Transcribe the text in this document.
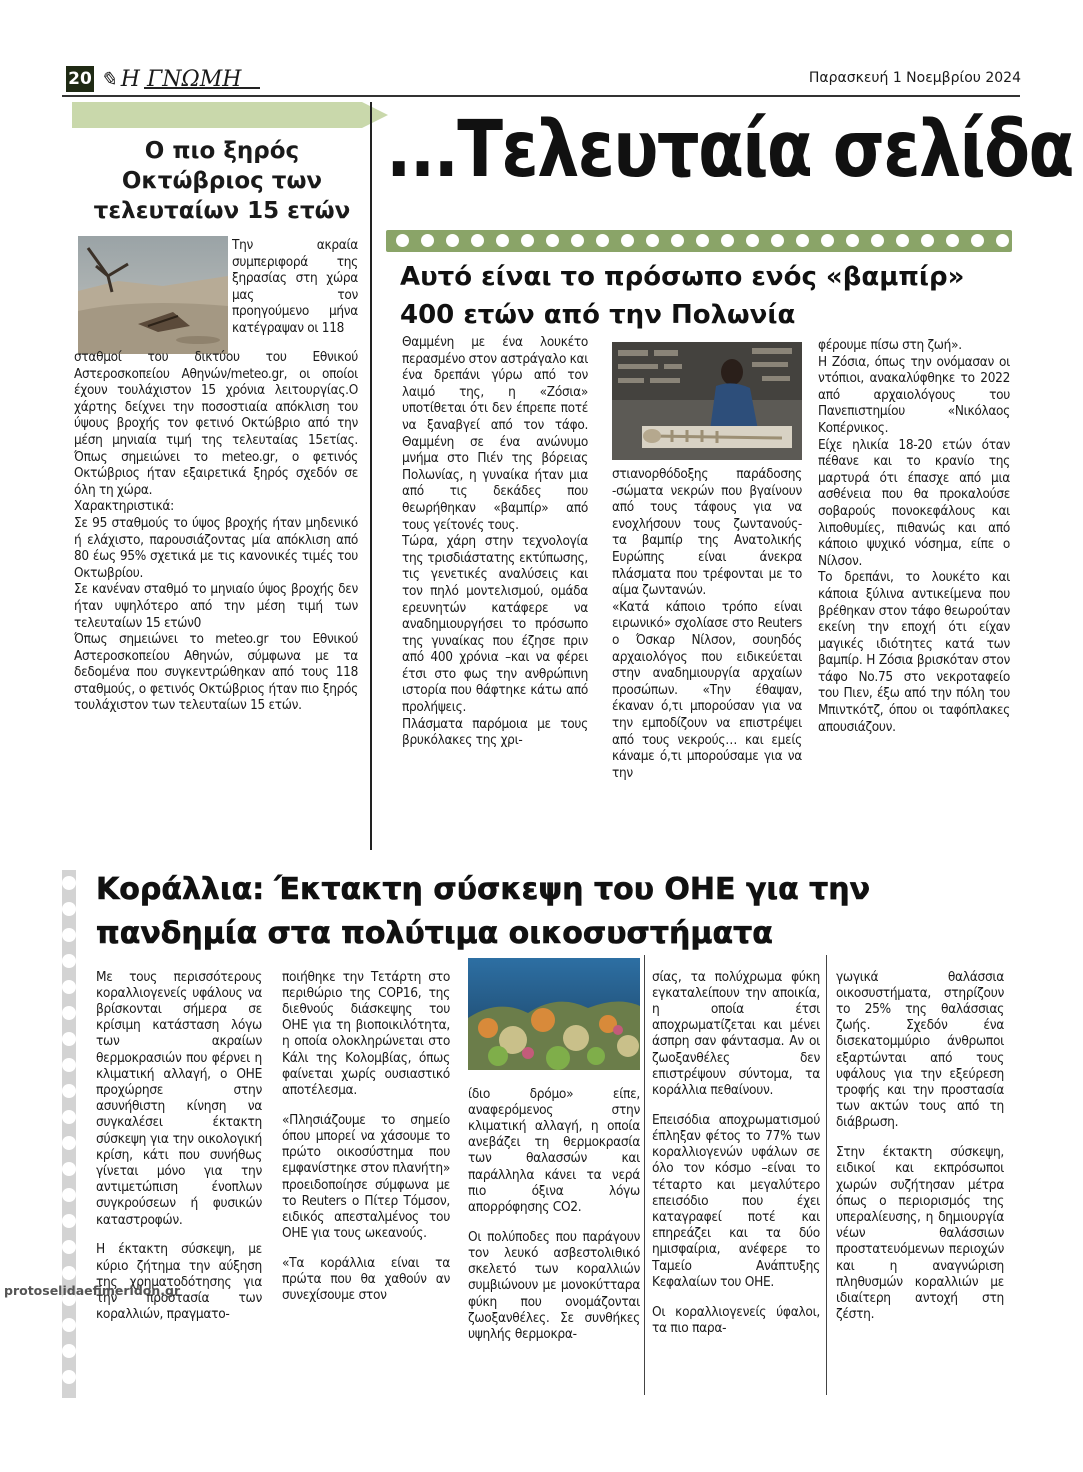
20 ✎ Η ΓΝΩΜΗ	Παρασκευή 1 Νοεμβρίου 2024
Ο πιο ξηρός Οκτώβριος των τελευταίων 15 ετών
Την ακραία συμπεριφορά της ξηρασίας στη χώρα μας τον προηγούμενο μήνα κατέγραψαν οι 118

σταθμοί του δικτύου του Εθνικού Αστεροσκοπείου Αθηνών/meteo.gr, οι οποίοι έχουν τουλάχιστον 15 χρόνια λειτουργίας.Ο χάρτης δείχνει την ποσοστιαία απόκλιση του ύψους βροχής τον φετινό Οκτώβριο από την μέση μηνιαία τιμή της τελευταίας 15ετίας. Όπως σημειώνει το meteo.gr, ο φετινός Οκτώβριος ήταν εξαιρετικά ξηρός σχεδόν σε όλη τη χώρα.

Χαρακτηριστικά:

Σε 95 σταθμούς το ύψος βροχής ήταν μηδενικό ή ελάχιστο, παρουσιάζοντας μία απόκλιση από 80 έως 95% σχετικά με τις κανονικές τιμές του Οκτωβρίου.

Σε κανέναν σταθμό το μηνιαίο ύψος βροχής δεν ήταν υψηλότερο από την μέση τιμή των τελευταίων 15 ετών0

Όπως σημειώνει το meteo.gr του Εθνικού Αστεροσκοπείου Αθηνών, σύμφωνα με τα δεδομένα που συγκεντρώθηκαν από τους 118 σταθμούς, ο φετινός Οκτώβριος ήταν πιο ξηρός τουλάχιστον των τελευταίων 15 ετών.

...Τελευταία σελίδα
Αυτό είναι το πρόσωπο ενός «βαμπίρ» 400 ετών από την Πολωνία

Θαμμένη με ένα λουκέτο περασμένο στον αστράγαλο και ένα δρεπάνι γύρω από τον λαιμό της, η «Ζόσια» υποτίθεται ότι δεν έπρεπε ποτέ να ξαναβγεί από τον τάφο. Θαμμένη σε ένα ανώνυμο μνήμα στο Πιέν της βόρειας Πολωνίας, η γυναίκα ήταν μια από τις δεκάδες που θεωρήθηκαν «βαμπίρ» από τους γείτονές τους.

Τώρα, χάρη στην τεχνολογία της τρισδιάστατης εκτύπωσης, τις γενετικές αναλύσεις και τον πηλό μοντελισμού, ομάδα ερευνητών κατάφερε να αναδημιουργήσει το πρόσωπο της γυναίκας που έζησε πριν από 400 χρόνια –και να φέρει έτσι στο φως την ανθρώπινη ιστορία που θάφτηκε κάτω από προλήψεις.

Πλάσματα παρόμοια με τους βρυκόλακες της χρι-

στιανορθόδοξης παράδοσης -σώματα νεκρών που βγαίνουν από τους τάφους για να ενοχλήσουν τους ζωντανούς- τα βαμπίρ της Ανατολικής Ευρώπης είναι άνεκρα πλάσματα που τρέφονται με το αίμα ζωντανών.

«Κατά κάποιο τρόπο είναι ειρωνικό» σχολίασε στο Reuters ο Όσκαρ Νίλσον, σουηδός αρχαιολόγος που ειδικεύεται στην αναδημιουργία αρχαίων προσώπων. «Την έθαψαν, έκαναν ό,τι μπορούσαν για να την εμποδίζουν να επιστρέψει από τους νεκρούς… και εμείς κάναμε ό,τι μπορούσαμε για να την

φέρουμε πίσω στη ζωή».

Η Ζόσια, όπως την ονόμασαν οι ντόπιοι, ανακαλύφθηκε το 2022 από αρχαιολόγους του Πανεπιστημίου «Νικόλαος Κοπέρνικος.

Είχε ηλικία 18-20 ετών όταν πέθανε και το κρανίο της μαρτυρά ότι έπασχε από μια ασθένεια που θα προκαλούσε σοβαρούς πονοκεφάλους και λιποθυμίες, πιθανώς και από κάποιο ψυχικό νόσημα, είπε ο Νίλσον.

Το δρεπάνι, το λουκέτο και κάποια ξύλινα αντικείμενα που βρέθηκαν στον τάφο θεωρούταν εκείνη την εποχή ότι είχαν μαγικές ιδιότητες κατά των βαμπίρ. Η Ζόσια βρισκόταν στον τάφο Νο.75 στο νεκροταφείο του Πιεν, έξω από την πόλη του Μπιντκότζ, όπου οι ταφόπλακες απουσιάζουν.

Κοράλλια: Έκτακτη σύσκεψη του ΟΗΕ για την πανδημία στα πολύτιμα οικοσυστήματα

Με τους περισσότερους κοραλλιογενείς υφάλους να βρίσκονται σήμερα σε κρίσιμη κατάσταση λόγω των ακραίων θερμοκρασιών που φέρνει η κλιματική αλλαγή, ο ΟΗΕ προχώρησε στην ασυνήθιστη κίνηση να συγκαλέσει έκτακτη σύσκεψη για την οικολογική κρίση, κάτι που συνήθως γίνεται μόνο για την αντιμετώπιση ένοπλων συγκρούσεων ή φυσικών καταστροφών.

Η έκτακτη σύσκεψη, με κύριο ζήτημα την αύξηση της χρηματοδότησης για την προστασία των κοραλλιών, πραγματο-

ποιήθηκε την Τετάρτη στο περιθώριο της COP16, της διεθνούς διάσκεψης του ΟΗΕ για τη βιοποικιλότητα, η οποία ολοκληρώνεται στο Κάλι της Κολομβίας, όπως φαίνεται χωρίς ουσιαστικό αποτέλεσμα.

«Πλησιάζουμε το σημείο όπου μπορεί να χάσουμε το πρώτο οικοσύστημα που εμφανίστηκε στον πλανήτη» προειδοποίησε σύμφωνα με το Reuters ο Πίτερ Τόμσον, ειδικός απεσταλμένος του ΟΗΕ για τους ωκεανούς.

«Τα κοράλλια είναι τα πρώτα που θα χαθούν αν συνεχίσουμε στον

ίδιο δρόμο» είπε, αναφερόμενος στην κλιματική αλλαγή, η οποία ανεβάζει τη θερμοκρασία των θαλασσών και παράλληλα κάνει τα νερά πιο όξινα λόγω απορρόφησης CO2.

Οι πολύποδες που παράγουν τον λευκό ασβεστολιθικό σκελετό των κοραλλιών συμβιώνουν με μονοκύτταρα φύκη που ονομάζονται ζωοξανθέλες. Σε συνθήκες υψηλής θερμοκρα-

σίας, τα πολύχρωμα φύκη εγκαταλείπουν την αποικία, η οποία έτσι αποχρωματίζεται και μένει άσπρη σαν φάντασμα. Αν οι ζωοξανθέλες δεν επιστρέψουν σύντομα, τα κοράλλια πεθαίνουν.

Επεισόδια αποχρωματισμού έπληξαν φέτος το 77% των κοραλλιογενών υφάλων σε όλο τον κόσμο –είναι το τέταρτο και μεγαλύτερο επεισόδιο που έχει καταγραφεί ποτέ και επηρεάζει και τα δύο ημισφαίρια, ανέφερε το Ταμείο Ανάπτυξης Κεφαλαίων του ΟΗΕ.

Οι κοραλλιογενείς ύφαλοι, τα πιο παρα-

γωγικά θαλάσσια οικοσυστήματα, στηρίζουν το 25% της θαλάσσιας ζωής. Σχεδόν ένα δισεκατομμύριο άνθρωποι εξαρτώνται από τους υφάλους για την εξεύρεση τροφής και την προστασία των ακτών τους από τη διάβρωση.

Στην έκτακτη σύσκεψη, ειδικοί και εκπρόσωποι χωρών συζήτησαν μέτρα όπως ο περιορισμός της υπεραλίευσης, η δημιουργία νέων θαλάσσιων προστατευόμενων περιοχών και η αναγνώριση πληθυσμών κοραλλιών με ιδιαίτερη αντοχή στη ζέστη.

protoselidaefimeridon.gr
